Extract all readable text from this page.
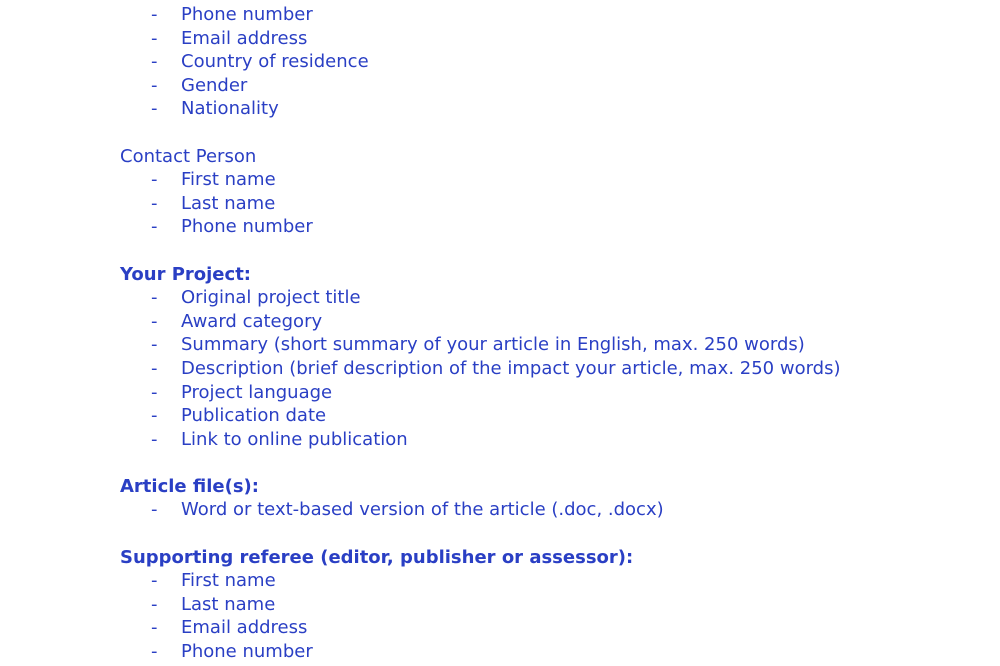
- Phone number
- Email address
- Country of residence
- Gender
- Nationality
Contact Person
- First name
- Last name
- Phone number
Your Project:
- Original project title
- Award category
- Summary (short summary of your article in English, max. 250 words)
- Description (brief description of the impact your article, max. 250 words)
- Project language
- Publication date
- Link to online publication
Article file(s):
- Word or text-based version of the article (.doc, .docx)
Supporting referee (editor, publisher or assessor):
- First name
- Last name
- Email address
- Phone number
